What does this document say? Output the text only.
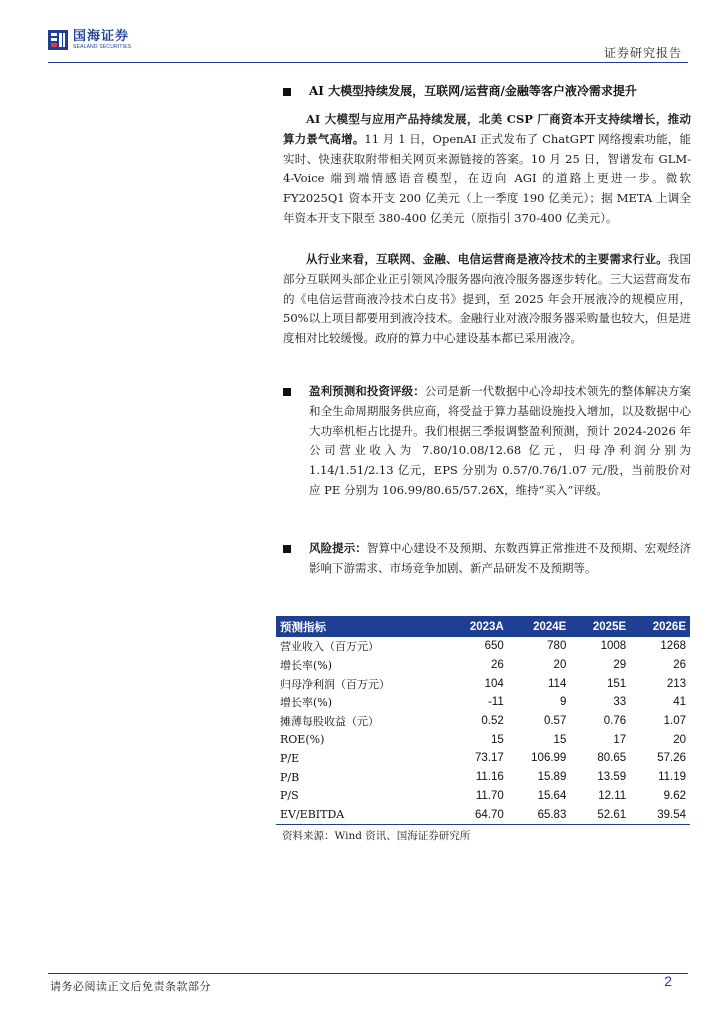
国海证券
SEALAND SECURITIES	证券研究报告
AI 大模型持续发展，互联网/运营商/金融等客户液冷需求提升
AI 大模型与应用产品持续发展，北美 CSP 厂商资本开支持续增长，推动算力景气高增。11 月 1 日，OpenAI 正式发布了 ChatGPT 网络搜索功能，能实时、快速获取附带相关网页来源链接的答案。10 月 25 日，智谱发布 GLM-4-Voice 端到端情感语音模型，在迈向 AGI 的道路上更进一步。微软 FY2025Q1 资本开支 200 亿美元（上一季度 190 亿美元）；据 META 上调全年资本开支下限至 380-400 亿美元（原指引 370-400 亿美元）。
从行业来看，互联网、金融、电信运营商是液冷技术的主要需求行业。我国部分互联网头部企业正引领风冷服务器向液冷服务器逐步转化。三大运营商发布的《电信运营商液冷技术白皮书》提到，至 2025 年会开展液冷的规模应用，50%以上项目都要用到液冷技术。金融行业对液冷服务器采购量也较大，但是进度相对比较缓慢。政府的算力中心建设基本都已采用液冷。
盈利预测和投资评级：公司是新一代数据中心冷却技术领先的整体解决方案和全生命周期服务供应商，将受益于算力基础设施投入增加，以及数据中心大功率机柜占比提升。我们根据三季报调整盈利预测，预计 2024-2026 年公司营业收入为 7.80/10.08/12.68 亿元，归母净利润分别为 1.14/1.51/2.13 亿元，EPS 分别为 0.57/0.76/1.07 元/股，当前股价对应 PE 分别为 106.99/80.65/57.26X，维持“买入”评级。
风险提示：智算中心建设不及预期、东数西算正常推进不及预期、宏观经济影响下游需求、市场竞争加剧、新产品研发不及预期等。
预测指标	2023A	2024E	2025E	2026E
营业收入（百万元）	650	780	1008	1268
增长率(%)	26	20	29	26
归母净利润（百万元）	104	114	151	213
增长率(%)	-11	9	33	41
摊薄每股收益（元）	0.52	0.57	0.76	1.07
ROE(%)	15	15	17	20
P/E	73.17	106.99	80.65	57.26
P/B	11.16	15.89	13.59	11.19
P/S	11.70	15.64	12.11	9.62
EV/EBITDA	64.70	65.83	52.61	39.54
资料来源：Wind 资讯、国海证券研究所
请务必阅读正文后免责条款部分	2
